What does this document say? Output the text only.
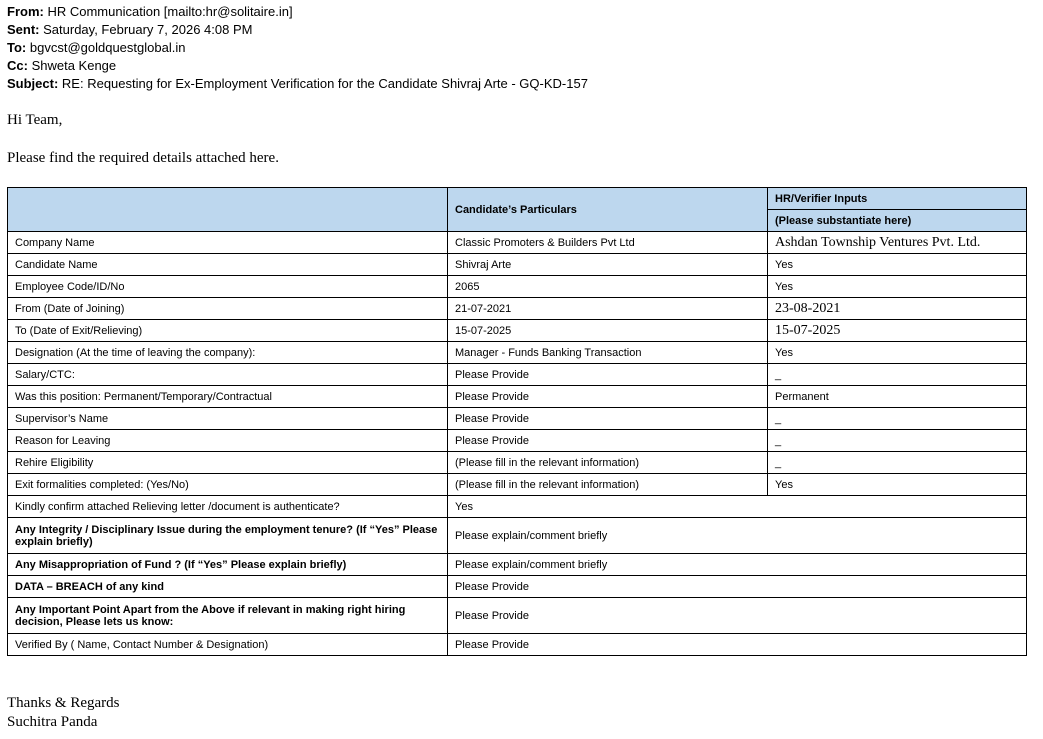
From: HR Communication [mailto:hr@solitaire.in]
Sent: Saturday, February 7, 2026 4:08 PM
To: bgvcst@goldquestglobal.in
Cc: Shweta Kenge
Subject: RE: Requesting for Ex-Employment Verification for the Candidate Shivraj Arte - GQ-KD-157
Hi Team,
Please find the required details attached here.
	Candidate’s Particulars	HR/Verifier Inputs
		(Please substantiate here)
Company Name	Classic Promoters & Builders Pvt Ltd	Ashdan Township Ventures Pvt. Ltd.
Candidate Name	Shivraj Arte	Yes
Employee Code/ID/No	2065	Yes
From (Date of Joining)	21-07-2021	23-08-2021
To (Date of Exit/Relieving)	15-07-2025	15-07-2025
Designation (At the time of leaving the company):	Manager - Funds Banking Transaction	Yes
Salary/CTC:	Please Provide	_
Was this position: Permanent/Temporary/Contractual	Please Provide	Permanent
Supervisor’s Name	Please Provide	_
Reason for Leaving	Please Provide	_
Rehire Eligibility	(Please fill in the relevant information)	_
Exit formalities completed: (Yes/No)	(Please fill in the relevant information)	Yes
Kindly confirm attached Relieving letter /document is authenticate?	Yes	
Any Integrity / Disciplinary Issue during the employment tenure? (If “Yes” Please explain briefly)	Please explain/comment briefly	
Any Misappropriation of Fund ? (If “Yes” Please explain briefly)	Please explain/comment briefly	
DATA – BREACH of any kind	Please Provide	
Any Important Point Apart from the Above if relevant in making right hiring decision, Please lets us know:	Please Provide	
Verified By ( Name, Contact Number & Designation)	Please Provide	
Thanks & Regards
Suchitra Panda
